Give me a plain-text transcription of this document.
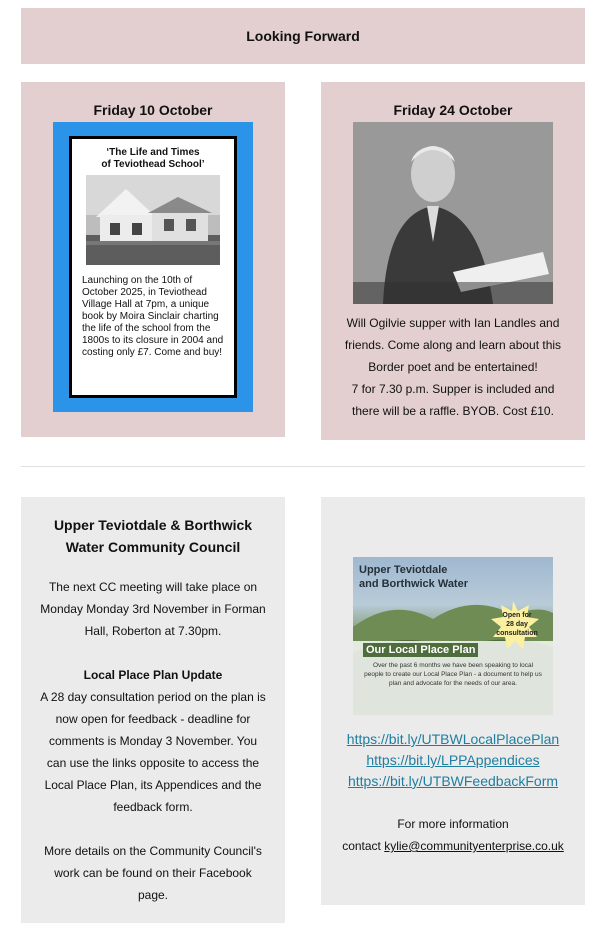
Looking Forward
Friday 10 October
‘The Life and Times
of Teviothead School’
Launching on the 10th of October 2025, in Teviothead Village Hall at 7pm, a unique book by Moira Sinclair charting the life of the school from the 1800s to its closure in 2004 and costing only £7. Come and buy!
Friday 24 October
Will Ogilvie supper with Ian Landles and
friends. Come along and learn about this
Border poet and be entertained!
7 for 7.30 p.m. Supper is included and
there will be a raffle. BYOB. Cost £10.
Upper Teviotdale & Borthwick
Water Community Council
The next CC meeting will take place on
Monday Monday 3rd November in Forman
Hall, Roberton at 7.30pm.
Local Place Plan Update
A 28 day consultation period on the plan is
now open for feedback - deadline for
comments is Monday 3 November. You
can use the links opposite to access the
Local Place Plan, its Appendices and the
feedback form.
More details on the Community Council's
work can be found on their Facebook
page.
Upper Teviotdale
and Borthwick Water
Open for
28 day
consultation
Our Local Place Plan
Over the past 6 months we have been speaking to local people to create our Local Place Plan - a document to help us plan and advocate for the needs of our area.
https://bit.ly/UTBWLocalPlacePlan
https://bit.ly/LPPAppendices
https://bit.ly/UTBWFeedbackForm
For more information
contact kylie@communityenterprise.co.uk
